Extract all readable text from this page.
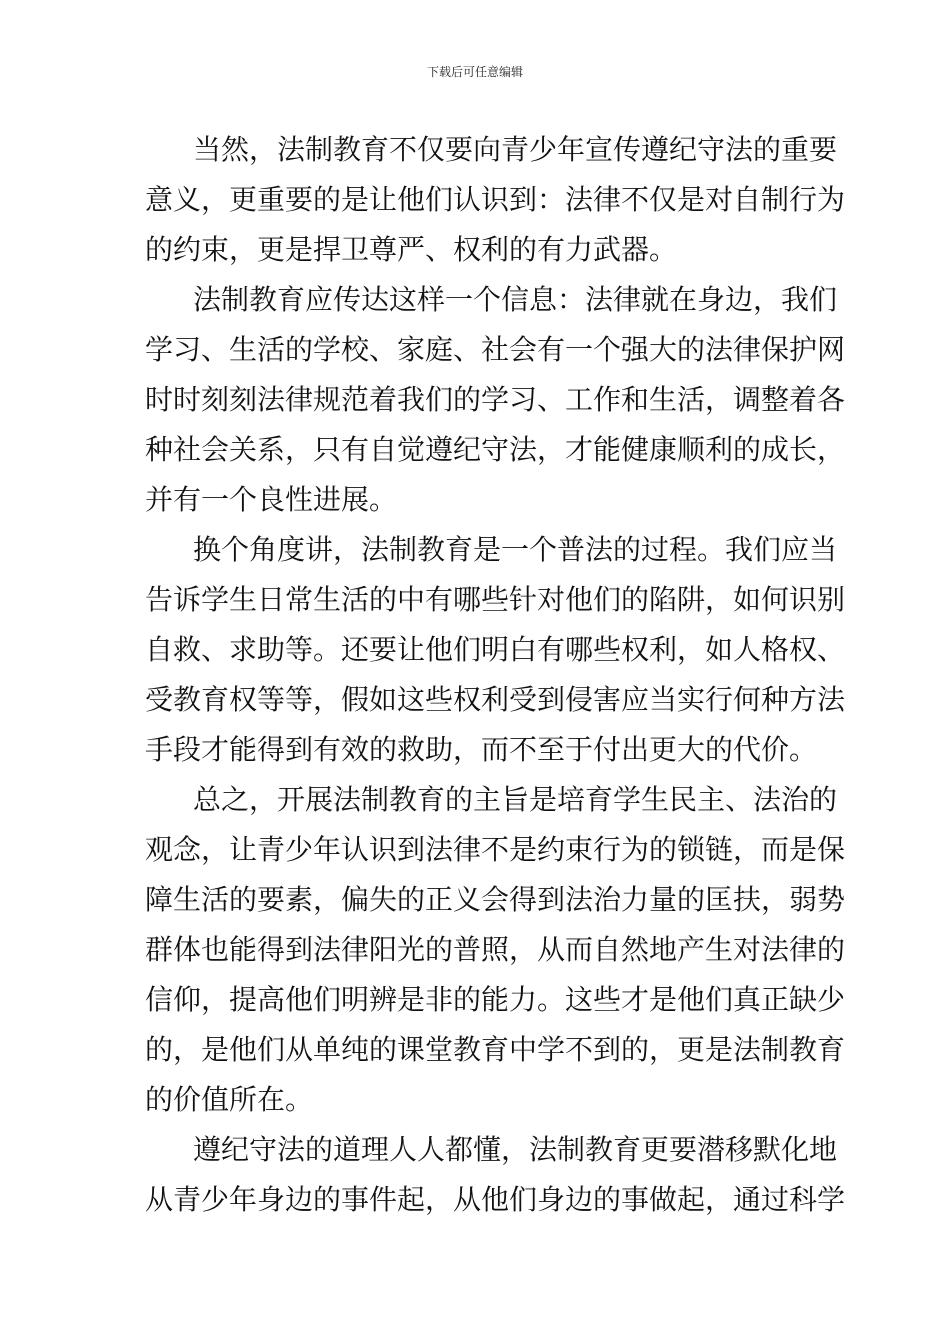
下载后可任意编辑
当然，法制教育不仅要向青少年宣传遵纪守法的重要
意义，更重要的是让他们认识到：法律不仅是对自制行为
的约束，更是捍卫尊严、权利的有力武器。
法制教育应传达这样一个信息：法律就在身边，我们
学习、生活的学校、家庭、社会有一个强大的法律保护网
时时刻刻法律规范着我们的学习、工作和生活，调整着各
种社会关系，只有自觉遵纪守法，才能健康顺利的成长，
并有一个良性进展。
换个角度讲，法制教育是一个普法的过程。我们应当
告诉学生日常生活的中有哪些针对他们的陷阱，如何识别
自救、求助等。还要让他们明白有哪些权利，如人格权、
受教育权等等，假如这些权利受到侵害应当实行何种方法
手段才能得到有效的救助，而不至于付出更大的代价。
总之，开展法制教育的主旨是培育学生民主、法治的
观念，让青少年认识到法律不是约束行为的锁链，而是保
障生活的要素，偏失的正义会得到法治力量的匡扶，弱势
群体也能得到法律阳光的普照，从而自然地产生对法律的
信仰，提高他们明辨是非的能力。这些才是他们真正缺少
的，是他们从单纯的课堂教育中学不到的，更是法制教育
的价值所在。
遵纪守法的道理人人都懂，法制教育更要潜移默化地
从青少年身边的事件起，从他们身边的事做起，通过科学
